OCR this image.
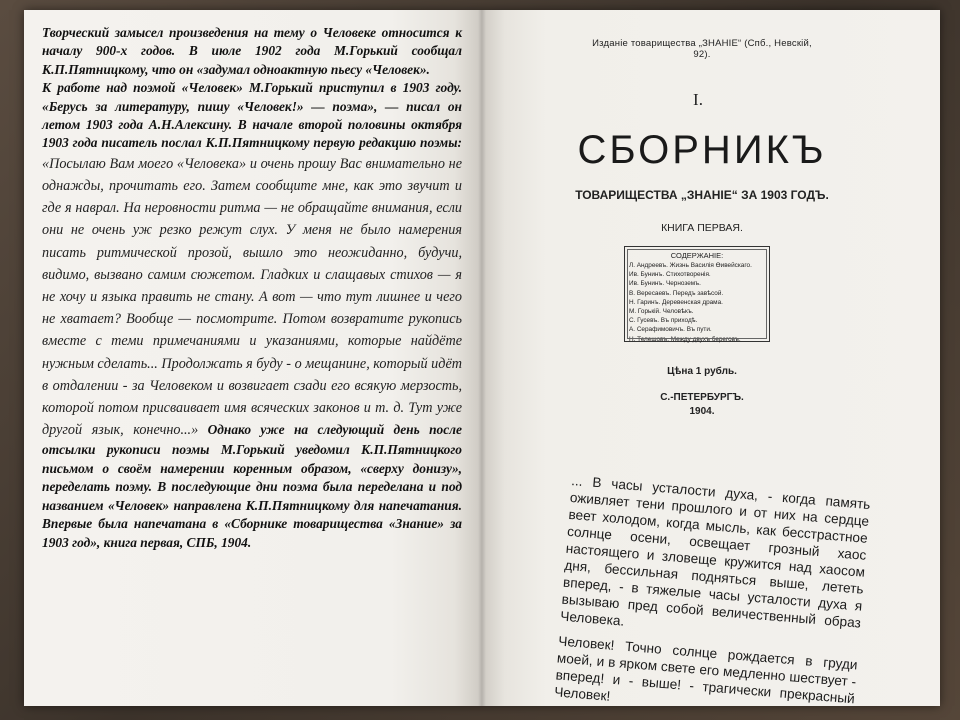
Творческий замысел произведения на тему о Человеке относится к началу 900-х годов. В июле 1902 года М.Горький сообщал К.П.Пятницкому, что он «задумал одноактную пьесу «Человек».

К работе над поэмой «Человек» М.Горький приступил в 1903 году. «Берусь за литературу, пишу «Человек!» — поэма», — писал он летом 1903 года А.Н.Алексину. В начале второй половины октября 1903 года писатель послал К.П.Пятницкому первую редакцию поэмы: «Посылаю Вам моего «Человека» и очень прошу Вас внимательно не однажды, прочитать его. Затем сообщите мне, как это звучит и где я наврал. На неровности ритма — не обращайте внимания, если они не очень уж резко режут слух. У меня не было намерения писать ритмической прозой, вышло это неожиданно, будучи, видимо, вызвано самим сюжетом. Гладких и слащавых стихов — я не хочу и языка править не стану. А вот — что тут лишнее и чего не хватает? Вообще — посмотрите. Потом возвратите рукопись вместе с теми примечаниями и указаниями, которые найдёте нужным сделать... Продолжать я буду - о мещанине, который идёт в отдалении - за Человеком и возвигает сзади его всякую мерзость, которой потом присваивает имя всяческих законов и т. д. Тут уже другой язык, конечно...» Однако уже на следующий день после отсылки рукописи поэмы М.Горький уведомил К.П.Пятницкого письмом о своём намерении коренным образом, «сверху донизу», переделать поэму. В последующие дни поэма была переделана и под названием «Человек» направлена К.П.Пятницкому для напечатания. Впервые была напечатана в «Сборнике товарищества «Знание» за 1903 год», книга первая, СПБ, 1904.

Изданіе товарищества „ЗНАНІЕ“ (Спб., Невскій, 92).
I.
СБОРНИКЪ
ТОВАРИЩЕСТВА „ЗНАНІЕ“ ЗА 1903 ГОДЪ.
КНИГА ПЕРВАЯ.
СОДЕРЖАНІЕ:
Л. Андреевъ. Жизнь Василія Өивейскаго.
Ив. Бунинъ. Стихотворенія.
Ив. Бунинъ. Черноземъ.
В. Вересаевъ. Передъ завѣсой.
Н. Гаринъ. Деревенская драма.
М. Горькій. Человѣкъ.
С. Гусевъ. Въ приходѣ.
А. Серафимовичъ. Въ пути.
Н. Телешовъ. Между двухъ береговъ.
Цѣна 1 рубль.
С.-ПЕТЕРБУРГЪ.
1904.

... В часы усталости духа, - когда память оживляет тени прошлого и от них на сердце веет холодом, когда мысль, как бесстрастное солнце осени, освещает грозный хаос настоящего и зловеще кружится над хаосом дня, бессильная подняться выше, лететь вперед, - в тяжелые часы усталости духа я вызываю пред собой величественный образ Человека.

Человек! Точно солнце рождается в груди моей, и в ярком свете его медленно шествует - вперед! и - выше! - трагически прекрасный Человек!
